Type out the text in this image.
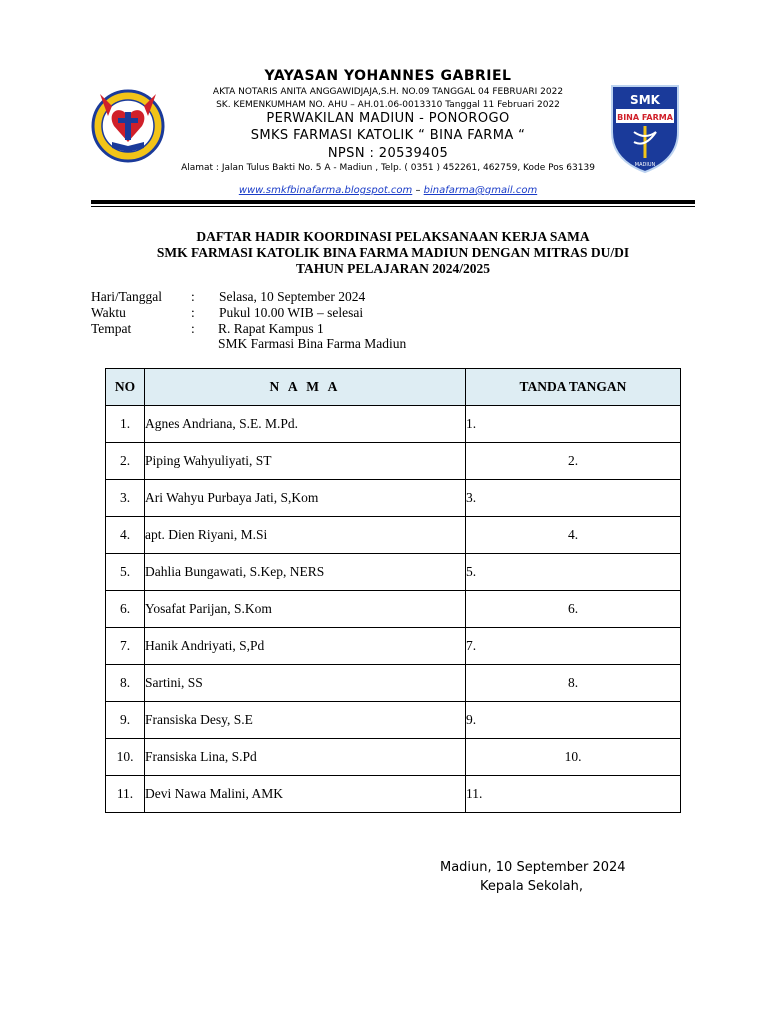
SMK
BINA FARMA
MADIUN
YAYASAN YOHANNES GABRIEL
AKTA NOTARIS ANITA ANGGAWIDJAJA,S.H. NO.09 TANGGAL 04 FEBRUARI 2022
SK. KEMENKUMHAM NO. AHU – AH.01.06-0013310 Tanggal 11 Februari 2022
PERWAKILAN MADIUN - PONOROGO
SMKS FARMASI KATOLIK “ BINA FARMA “
NPSN : 20539405
Alamat : Jalan Tulus Bakti No. 5 A - Madiun , Telp. ( 0351 ) 452261, 462759, Kode Pos 63139
www.smkfbinafarma.blogspot.com – binafarma@gmail.com
DAFTAR HADIR KOORDINASI PELAKSANAAN KERJA SAMA
SMK FARMASI KATOLIK BINA FARMA MADIUN DENGAN MITRAS DU/DI
TAHUN PELAJARAN 2024/2025
Hari/Tanggal : Selasa, 10 September 2024
Waktu	: Pukul 10.00 WIB – selesai
Tempat	: R. Rapat Kampus 1
SMK Farmasi Bina Farma Madiun
NO	N A M A	TANDA TANGAN
1.	Agnes Andriana, S.E. M.Pd.	1.
2.	Piping Wahyuliyati, ST	2.
3.	Ari Wahyu Purbaya Jati, S,Kom	3.
4.	apt. Dien Riyani, M.Si	4.
5.	Dahlia Bungawati, S.Kep, NERS	5.
6.	Yosafat Parijan, S.Kom	6.
7.	Hanik Andriyati, S,Pd	7.
8.	Sartini, SS	8.
9.	Fransiska Desy, S.E	9.
10.	Fransiska Lina, S.Pd	10.
11.	Devi Nawa Malini, AMK	11.
Madiun, 10 September 2024
Kepala Sekolah,
